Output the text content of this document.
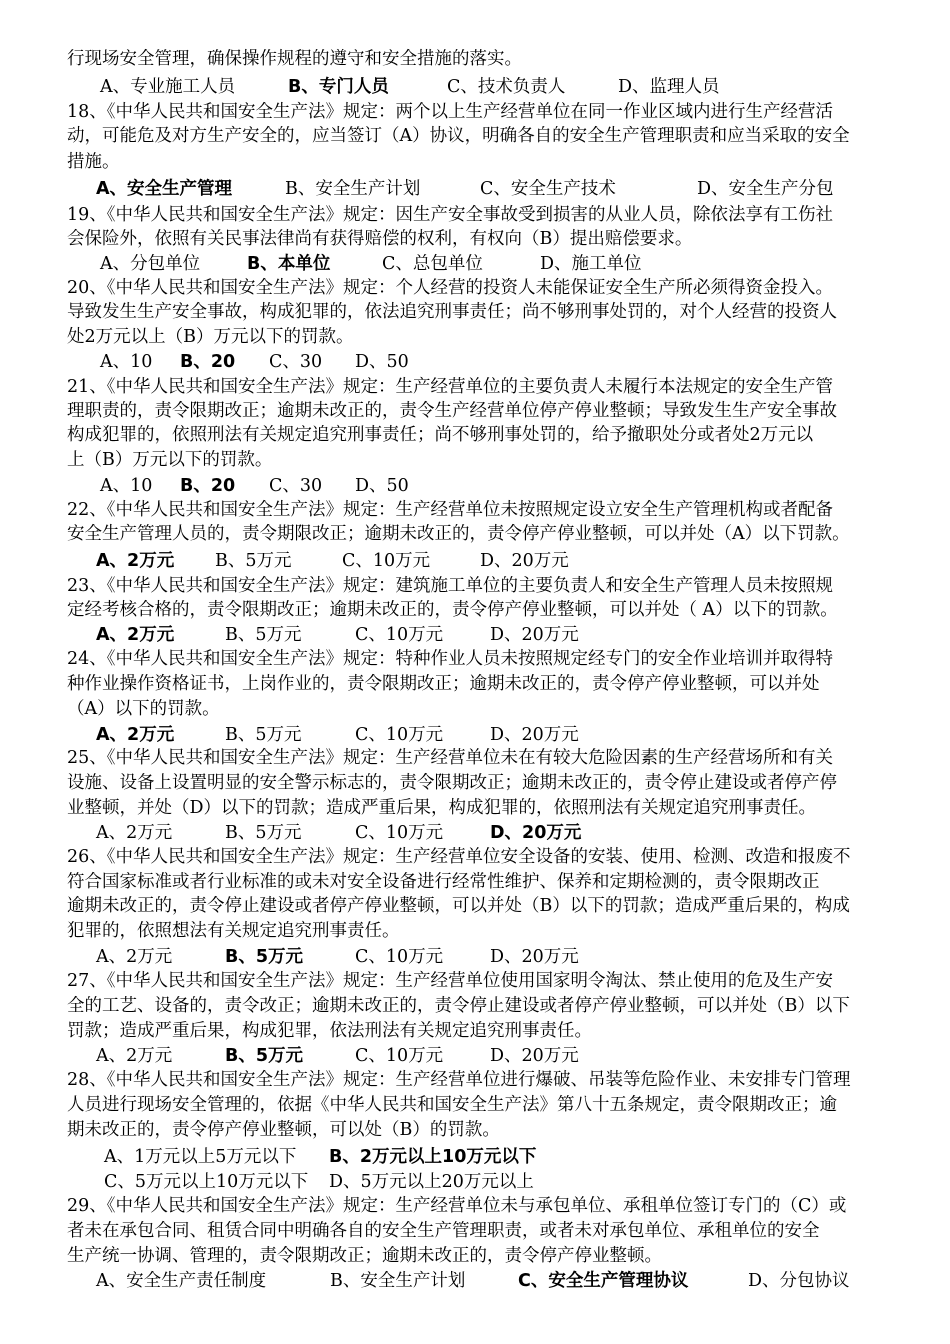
行现场安全管理，确保操作规程的遵守和安全措施的落实。
A、专业施工人员	B、专门人员	C、技术负责人	D、监理人员
18、《中华人民共和国安全生产法》规定：两个以上生产经营单位在同一作业区域内进行生产经营活
动，可能危及对方生产安全的，应当签订（A）协议，明确各自的安全生产管理职责和应当采取的安全
措施。
A、安全生产管理	B、安全生产计划	C、安全生产技术	D、安全生产分包
19、《中华人民共和国安全生产法》规定：因生产安全事故受到损害的从业人员，除依法享有工伤社
会保险外，依照有关民事法律尚有获得赔偿的权利，有权向（B）提出赔偿要求。
A、分包单位	B、本单位	C、总包单位	D、施工单位
20、《中华人民共和国安全生产法》规定：个人经营的投资人未能保证安全生产所必须得资金投入。
导致发生生产安全事故，构成犯罪的，依法追究刑事责任；尚不够刑事处罚的，对个人经营的投资人
处2万元以上（B）万元以下的罚款。
A、10 B、20 C、30 D、50
21、《中华人民共和国安全生产法》规定：生产经营单位的主要负责人未履行本法规定的安全生产管
理职责的，责令限期改正；逾期未改正的，责令生产经营单位停产停业整顿；导致发生生产安全事故
构成犯罪的，依照刑法有关规定追究刑事责任；尚不够刑事处罚的，给予撤职处分或者处2万元以
上（B）万元以下的罚款。
A、10 B、20 C、30 D、50
22、《中华人民共和国安全生产法》规定：生产经营单位未按照规定设立安全生产管理机构或者配备
安全生产管理人员的，责令期限改正；逾期未改正的，责令停产停业整顿，可以并处（A）以下罚款。
A、2万元 B、5万元	C、10万元	D、20万元
23、《中华人民共和国安全生产法》规定：建筑施工单位的主要负责人和安全生产管理人员未按照规
定经考核合格的，责令限期改正；逾期未改正的，责令停产停业整顿，可以并处（ A）以下的罚款。
A、2万元	B、5万元	C、10万元	D、20万元
24、《中华人民共和国安全生产法》规定：特种作业人员未按照规定经专门的安全作业培训并取得特
种作业操作资格证书，上岗作业的，责令限期改正；逾期未改正的，责令停产停业整顿，可以并处
（A）以下的罚款。
A、2万元	B、5万元	C、10万元	D、20万元
25、《中华人民共和国安全生产法》规定：生产经营单位未在有较大危险因素的生产经营场所和有关
设施、设备上设置明显的安全警示标志的，责令限期改正；逾期未改正的，责令停止建设或者停产停
业整顿，并处（D）以下的罚款；造成严重后果，构成犯罪的，依照刑法有关规定追究刑事责任。
A、2万元	B、5万元	C、10万元	D、20万元
26、《中华人民共和国安全生产法》规定：生产经营单位安全设备的安装、使用、检测、改造和报废不
符合国家标准或者行业标准的或未对安全设备进行经常性维护、保养和定期检测的，责令限期改正
逾期未改正的，责令停止建设或者停产停业整顿，可以并处（B）以下的罚款；造成严重后果的，构成
犯罪的，依照想法有关规定追究刑事责任。
A、2万元	B、5万元	C、10万元	D、20万元
27、《中华人民共和国安全生产法》规定：生产经营单位使用国家明令淘汰、禁止使用的危及生产安
全的工艺、设备的，责令改正；逾期未改正的，责令停止建设或者停产停业整顿，可以并处（B）以下
罚款；造成严重后果，构成犯罪，依法刑法有关规定追究刑事责任。
A、2万元	B、5万元	C、10万元	D、20万元
28、《中华人民共和国安全生产法》规定：生产经营单位进行爆破、吊装等危险作业、未安排专门管理
人员进行现场安全管理的，依据《中华人民共和国安全生产法》第八十五条规定，责令限期改正；逾
期未改正的，责令停产停业整顿，可以处（B）的罚款。
A、1万元以上5万元以下 B、2万元以上10万元以下
C、5万元以上10万元以下 D、5万元以上20万元以上
29、《中华人民共和国安全生产法》规定：生产经营单位未与承包单位、承租单位签订专门的（C）或
者未在承包合同、租赁合同中明确各自的安全生产管理职责，或者未对承包单位、承租单位的安全
生产统一协调、管理的，责令限期改正；逾期未改正的，责令停产停业整顿。
A、安全生产责任制度	B、安全生产计划	C、安全生产管理协议	D、分包协议
